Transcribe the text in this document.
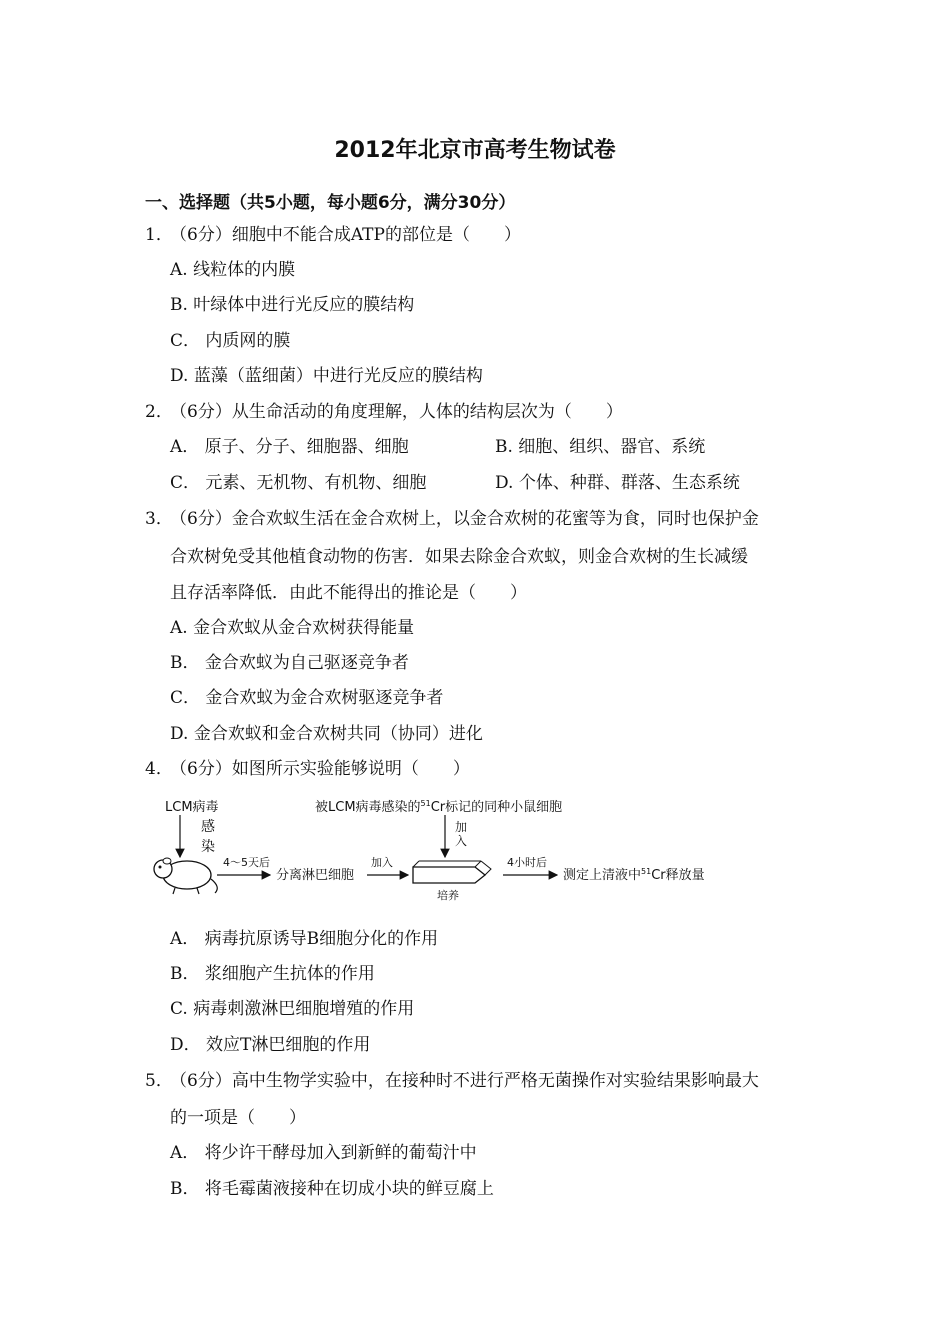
2012年北京市高考生物试卷
一、选择题（共5小题，每小题6分，满分30分）
1．（6分）细胞中不能合成ATP的部位是（　　）
A. 线粒体的内膜
B. 叶绿体中进行光反应的膜结构
C． 内质网的膜
D. 蓝藻（蓝细菌）中进行光反应的膜结构
2．（6分）从生命活动的角度理解，人体的结构层次为（　　）
A． 原子、分子、细胞器、细胞	B. 细胞、组织、器官、系统
C． 元素、无机物、有机物、细胞	D. 个体、种群、群落、生态系统
3．（6分）金合欢蚁生活在金合欢树上，以金合欢树的花蜜等为食，同时也保护金
合欢树免受其他植食动物的伤害．如果去除金合欢蚁，则金合欢树的生长减缓
且存活率降低．由此不能得出的推论是（　　）
A. 金合欢蚁从金合欢树获得能量
B． 金合欢蚁为自己驱逐竞争者
C． 金合欢蚁为金合欢树驱逐竞争者
D. 金合欢蚁和金合欢树共同（协同）进化
4．（6分）如图所示实验能够说明（　　）
LCM病毒
感
染
4～5天后
分离淋巴细胞
加入
被LCM病毒感染的$^{51}$Cr标记的同种小鼠细胞
加
入
培养
4小时后
测定上清液中$^{51}$Cr释放量
A． 病毒抗原诱导B细胞分化的作用
B． 浆细胞产生抗体的作用
C. 病毒刺激淋巴细胞增殖的作用
D． 效应T淋巴细胞的作用
5．（6分）高中生物学实验中，在接种时不进行严格无菌操作对实验结果影响最大
的一项是（　　）
A． 将少许干酵母加入到新鲜的葡萄汁中
B． 将毛霉菌液接种在切成小块的鲜豆腐上
